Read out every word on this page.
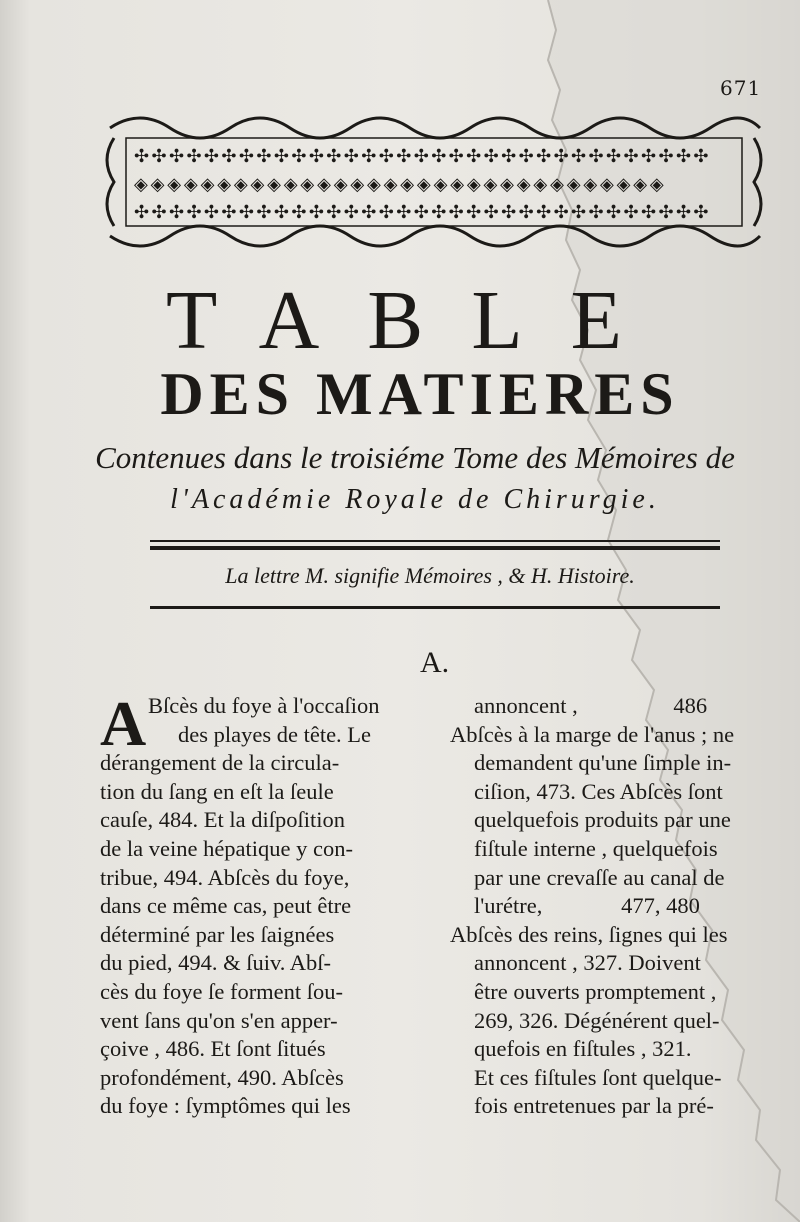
671
✣✣✣✣✣✣✣✣✣✣✣✣✣✣✣✣✣✣✣✣✣✣✣✣✣✣✣✣✣✣✣✣✣
◈◈◈◈◈◈◈◈◈◈◈◈◈◈◈◈◈◈◈◈◈◈◈◈◈◈◈◈◈◈◈◈
✣✣✣✣✣✣✣✣✣✣✣✣✣✣✣✣✣✣✣✣✣✣✣✣✣✣✣✣✣✣✣✣✣
TABLE
DES MATIERES
Contenues dans le troisiéme Tome des Mémoires de
l'Académie Royale de Chirurgie.
La lettre M. signifie Mémoires , & H. Histoire.
A.
A Bſcès du foye à l'occaſion
des playes de tête. Le
dérangement de la circula-
tion du ſang en eſt la ſeule
cauſe, 484. Et la diſpoſition
de la veine hépatique y con-
tribue, 494. Abſcès du foye,
dans ce même cas, peut être
déterminé par les ſaignées
du pied, 494. & ſuiv. Abſ-
cès du foye ſe forment ſou-
vent ſans qu'on s'en apper-
çoive , 486. Et ſont ſitués
profondément, 490. Abſcès
du foye : ſymptômes qui les
annoncent ,                 486
Abſcès à la marge de l'anus ; ne
demandent qu'une ſimple in-
ciſion, 473. Ces Abſcès ſont
quelquefois produits par une
fiſtule interne , quelquefois
par une crevaſſe au canal de
l'urétre,              477, 480
Abſcès des reins, ſignes qui les
annoncent , 327. Doivent
être ouverts promptement ,
269, 326. Dégénérent quel-
quefois en fiſtules , 321.
Et ces fiſtules ſont quelque-
fois entretenues par la pré-
